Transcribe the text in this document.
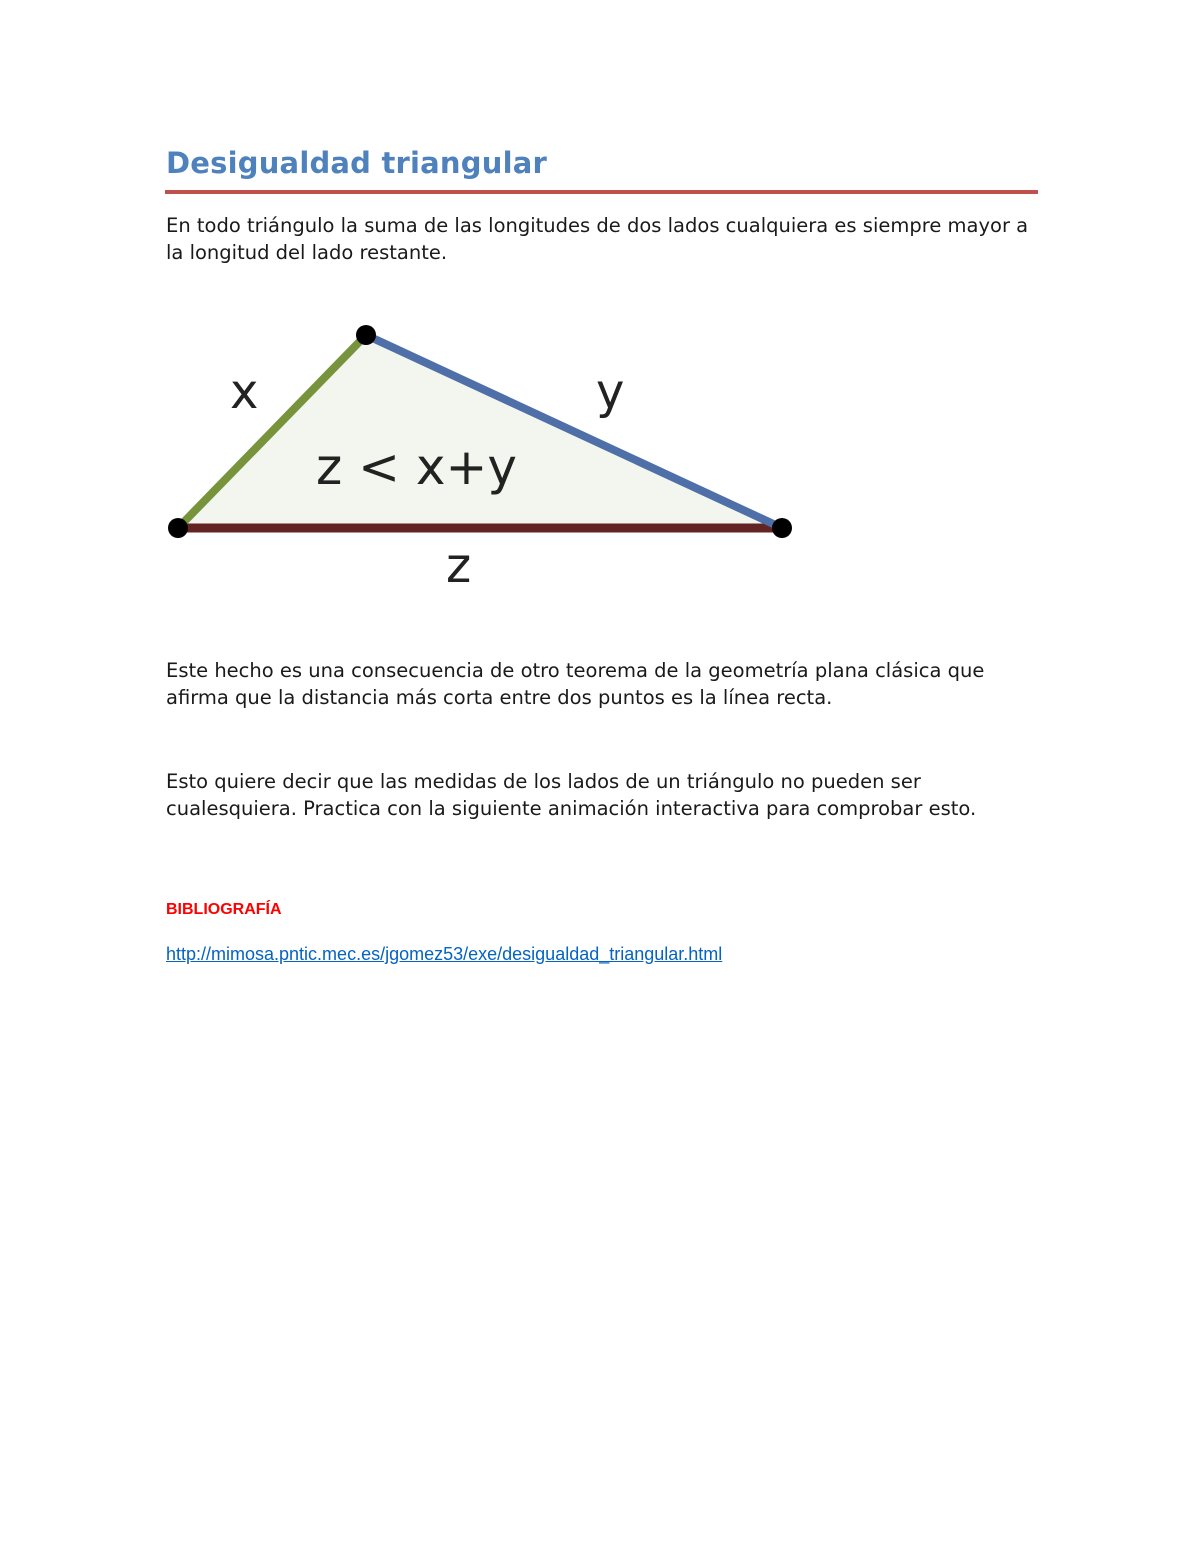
Desigualdad triangular

En todo triángulo la suma de las longitudes de dos lados cualquiera es siempre mayor a la longitud del lado restante.

x	y
z
z < x+y

Este hecho es una consecuencia de otro teorema de la geometría plana clásica que afirma que la distancia más corta entre dos puntos es la línea recta.

Esto quiere decir que las medidas de los lados de un triángulo no pueden ser cualesquiera. Practica con la siguiente animación interactiva para comprobar esto.

BIBLIOGRAFÍA
http://mimosa.pntic.mec.es/jgomez53/exe/desigualdad_triangular.html
